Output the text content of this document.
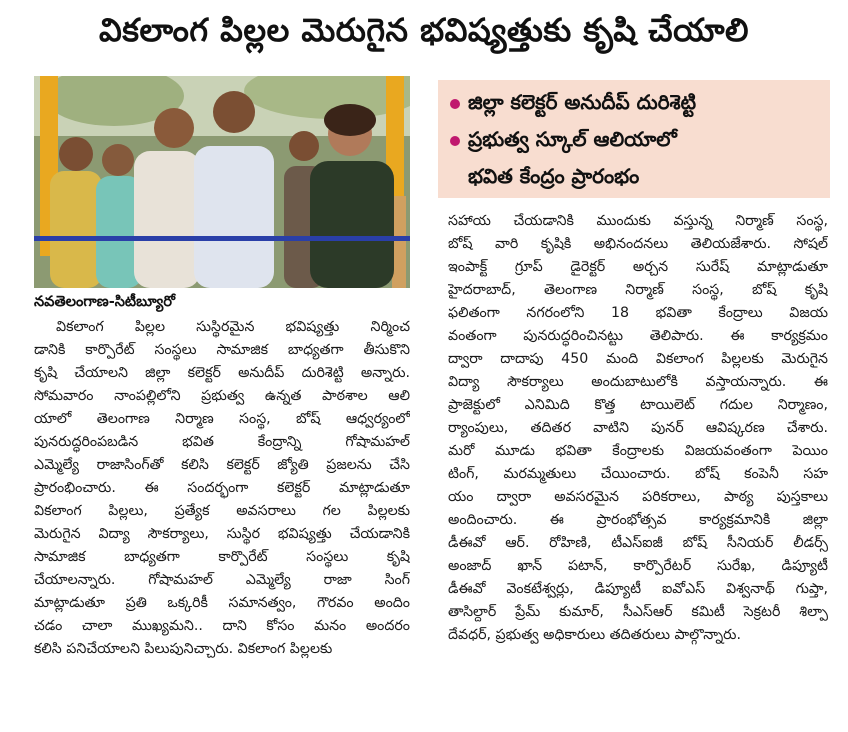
వికలాంగ పిల్లల మెరుగైన భవిష్యత్తుకు కృషి చేయాలి
జిల్లా కలెక్టర్ అనుదీప్ దురిశెట్టి
ప్రభుత్వ స్కూల్ ఆలియాలో
భవిత కేంద్రం ప్రారంభం
నవతెలంగాణ-సిటీబ్యూరో
వికలాంగ పిల్లల సుస్థిరమైన భవిష్యత్తు నిర్మించ
డానికి కార్పొరేట్ సంస్థలు సామాజిక బాధ్యతగా తీసుకొని
కృషి చేయాలని జిల్లా కలెక్టర్ అనుదీప్ దురిశెట్టి అన్నారు.
సోమవారం నాంపల్లిలోని ప్రభుత్వ ఉన్నత పాఠశాల ఆలి
యాలో తెలంగాణ నిర్మాణ సంస్థ, బోష్ ఆధ్వర్యంలో
పునరుద్ధరింపబడిన భవిత కేంద్రాన్ని గోషామహల్
ఎమ్మెల్యే రాజాసింగ్‌తో కలిసి కలెక్టర్ జ్యోతి ప్రజలను చేసి
ప్రారంభించారు. ఈ సందర్భంగా కలెక్టర్ మాట్లాడుతూ
వికలాంగ పిల్లలు, ప్రత్యేక అవసరాలు గల పిల్లలకు
మెరుగైన విద్యా సౌకర్యాలు, సుస్థిర భవిష్యత్తు చేయడానికి
సామాజిక బాధ్యతగా కార్పొరేట్ సంస్థలు కృషి
చేయాలన్నారు. గోషామహల్ ఎమ్మెల్యే రాజా సింగ్
మాట్లాడుతూ ప్రతి ఒక్కరికీ సమానత్వం, గౌరవం అందిం
చడం చాలా ముఖ్యమని.. దాని కోసం మనం అందరం
కలిసి పనిచేయాలని పిలుపునిచ్చారు. వికలాంగ పిల్లలకు
సహాయ చేయడానికి ముందుకు వస్తున్న నిర్మాణ్ సంస్థ,
బోష్ వారి కృషికి అభినందనలు తెలియజేశారు. సోషల్
ఇంపాక్ట్ గ్రూప్ డైరెక్టర్ అర్చన సురేష్ మాట్లాడుతూ
హైదరాబాద్, తెలంగాణ నిర్మాణ్ సంస్థ, బోష్ కృషి
ఫలితంగా నగరంలోని 18 భవితా కేంద్రాలు విజయ
వంతంగా పునరుద్ధరించినట్టు తెలిపారు. ఈ కార్యక్రమం
ద్వారా దాదాపు 450 మంది వికలాంగ పిల్లలకు మెరుగైన
విద్యా సౌకర్యాలు అందుబాటులోకి వస్తాయన్నారు. ఈ
ప్రాజెక్టులో ఎనిమిది కొత్త టాయిలెట్ గదుల నిర్మాణం,
ర్యాంపులు, తదితర వాటిని పునర్ ఆవిష్కరణ చేశారు.
మరో మూడు భవితా కేంద్రాలకు విజయవంతంగా పెయిం
టింగ్, మరమ్మతులు చేయించారు. బోష్ కంపెనీ సహ
యం ద్వారా అవసరమైన పరికరాలు, పాఠ్య పుస్తకాలు
అందించారు. ఈ ప్రారంభోత్సవ కార్యక్రమానికి జిల్లా
డీఈవో ఆర్. రోహిణి, టీఎస్ఐజీ బోష్ సీనియర్ లీడర్స్
అంజాద్ ఖాన్ పటాన్, కార్పొరేటర్ సురేఖ, డిప్యూటీ
డీఈవో వెంకటేశ్వర్లు, డిప్యూటీ ఐవోఎస్ విశ్వనాథ్ గుప్తా,
తాసిల్దార్ ప్రేమ్ కుమార్, సీఎస్ఆర్ కమిటీ సెక్రటరీ శిల్పా
దేవధర్, ప్రభుత్వ అధికారులు తదితరులు పాల్గొన్నారు.
